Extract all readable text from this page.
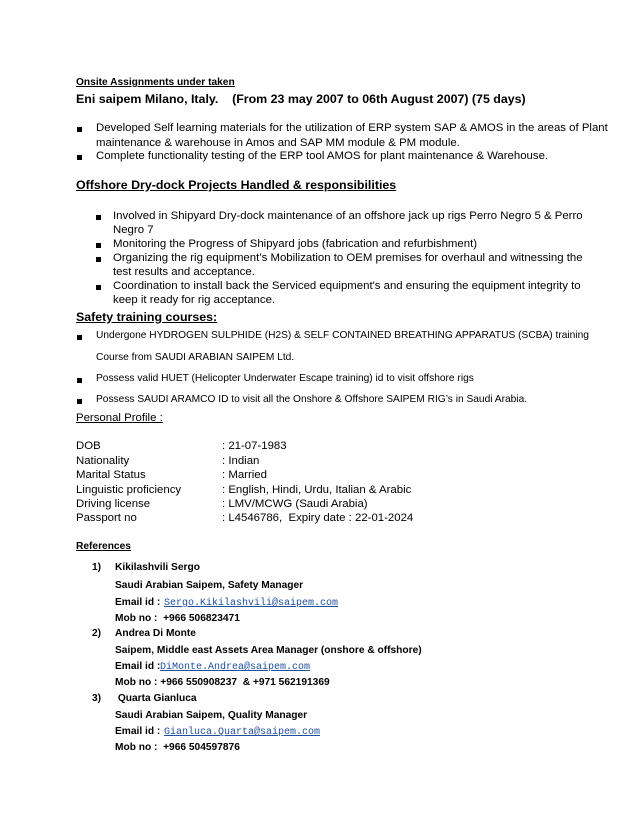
Onsite Assignments under taken
Eni saipem Milano, Italy.    (From 23 may 2007 to 06th August 2007) (75 days)
Developed Self learning materials for the utilization of ERP system SAP & AMOS in the areas of Plant
maintenance & warehouse in Amos and SAP MM module & PM module.
Complete functionality testing of the ERP tool AMOS for plant maintenance & Warehouse.
Offshore Dry-dock Projects Handled & responsibilities
Involved in Shipyard Dry-dock maintenance of an offshore jack up rigs Perro Negro 5 & Perro
Negro 7
Monitoring the Progress of Shipyard jobs (fabrication and refurbishment)
Organizing the rig equipment’s Mobilization to OEM premises for overhaul and witnessing the
test results and acceptance.
Coordination to install back the Serviced equipment's and ensuring the equipment integrity to
keep it ready for rig acceptance.
Safety training courses:
Undergone HYDROGEN SULPHIDE (H2S) & SELF CONTAINED BREATHING APPARATUS (SCBA) training
Course from SAUDI ARABIAN SAIPEM Ltd.
Possess valid HUET (Helicopter Underwater Escape training) id to visit offshore rigs
Possess SAUDI ARAMCO ID to visit all the Onshore & Offshore SAIPEM RIG’s in Saudi Arabia.
Personal Profile :
DOB	: 21-07-1983
Nationality	: Indian
Marital Status	: Married
Linguistic proficiency	: English, Hindi, Urdu, Italian & Arabic
Driving license	: LMV/MCWG (Saudi Arabia)
Passport no	: L4546786,  Expiry date : 22-01-2024
References
1) Kikilashvili Sergo
Saudi Arabian Saipem, Safety Manager
Email id : Sergo.Kikilashvili@saipem.com
Mob no :  +966 506823471
2) Andrea Di Monte
Saipem, Middle east Assets Area Manager (onshore & offshore)
Email id : DiMonte.Andrea@saipem.com
Mob no : +966 550908237  & +971 562191369
3) Quarta Gianluca
Saudi Arabian Saipem, Quality Manager
Email id : Gianluca.Quarta@saipem.com
Mob no :  +966 504597876
